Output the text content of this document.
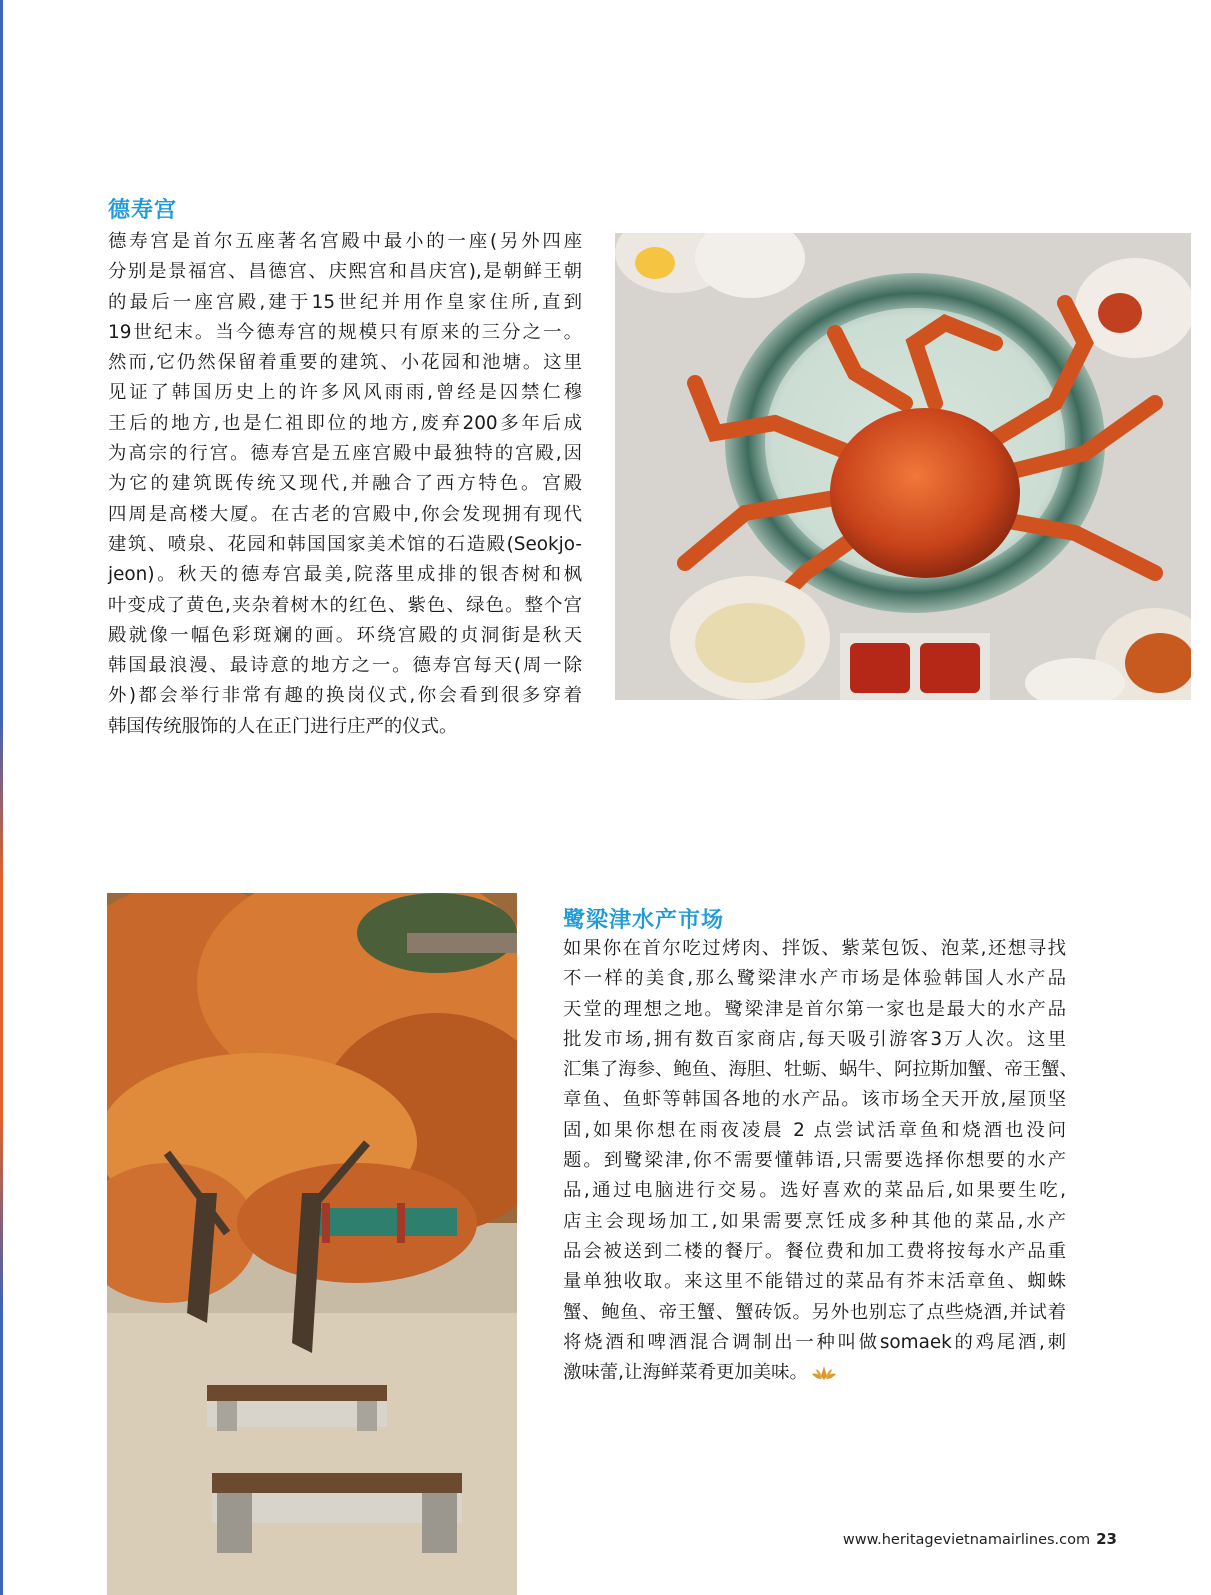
德寿宫
德寿宫是首尔五座著名宫殿中最小的一座(另外四座
分别是景福宫、昌德宫、庆熙宫和昌庆宫),是朝鲜王朝
的最后一座宫殿,建于15世纪并用作皇家住所,直到
19世纪末。当今德寿宫的规模只有原来的三分之一。
然而,它仍然保留着重要的建筑、小花园和池塘。这里
见证了韩国历史上的许多风风雨雨,曾经是囚禁仁穆
王后的地方,也是仁祖即位的地方,废弃200多年后成
为高宗的行宫。德寿宫是五座宫殿中最独特的宫殿,因
为它的建筑既传统又现代,并融合了西方特色。宫殿
四周是高楼大厦。在古老的宫殿中,你会发现拥有现代
建筑、喷泉、花园和韩国国家美术馆的石造殿(Seokjo-
jeon)。秋天的德寿宫最美,院落里成排的银杏树和枫
叶变成了黄色,夹杂着树木的红色、紫色、绿色。整个宫
殿就像一幅色彩斑斓的画。环绕宫殿的贞洞街是秋天
韩国最浪漫、最诗意的地方之一。德寿宫每天(周一除
外)都会举行非常有趣的换岗仪式,你会看到很多穿着
韩国传统服饰的人在正门进行庄严的仪式。
鹭梁津水产市场
如果你在首尔吃过烤肉、拌饭、紫菜包饭、泡菜,还想寻找
不一样的美食,那么鹭梁津水产市场是体验韩国人水产品
天堂的理想之地。鹭梁津是首尔第一家也是最大的水产品
批发市场,拥有数百家商店,每天吸引游客3万人次。这里
汇集了海参、鲍鱼、海胆、牡蛎、蜗牛、阿拉斯加蟹、帝王蟹、
章鱼、鱼虾等韩国各地的水产品。该市场全天开放,屋顶坚
固,如果你想在雨夜凌晨 2 点尝试活章鱼和烧酒也没问
题。到鹭梁津,你不需要懂韩语,只需要选择你想要的水产
品,通过电脑进行交易。选好喜欢的菜品后,如果要生吃,
店主会现场加工,如果需要烹饪成多种其他的菜品,水产
品会被送到二楼的餐厅。餐位费和加工费将按每水产品重
量单独收取。来这里不能错过的菜品有芥末活章鱼、蜘蛛
蟹、鲍鱼、帝王蟹、蟹砖饭。另外也别忘了点些烧酒,并试着
将烧酒和啤酒混合调制出一种叫做somaek的鸡尾酒,刺
激味蕾,让海鲜菜肴更加美味。
www.heritagevietnamairlines.com 23
